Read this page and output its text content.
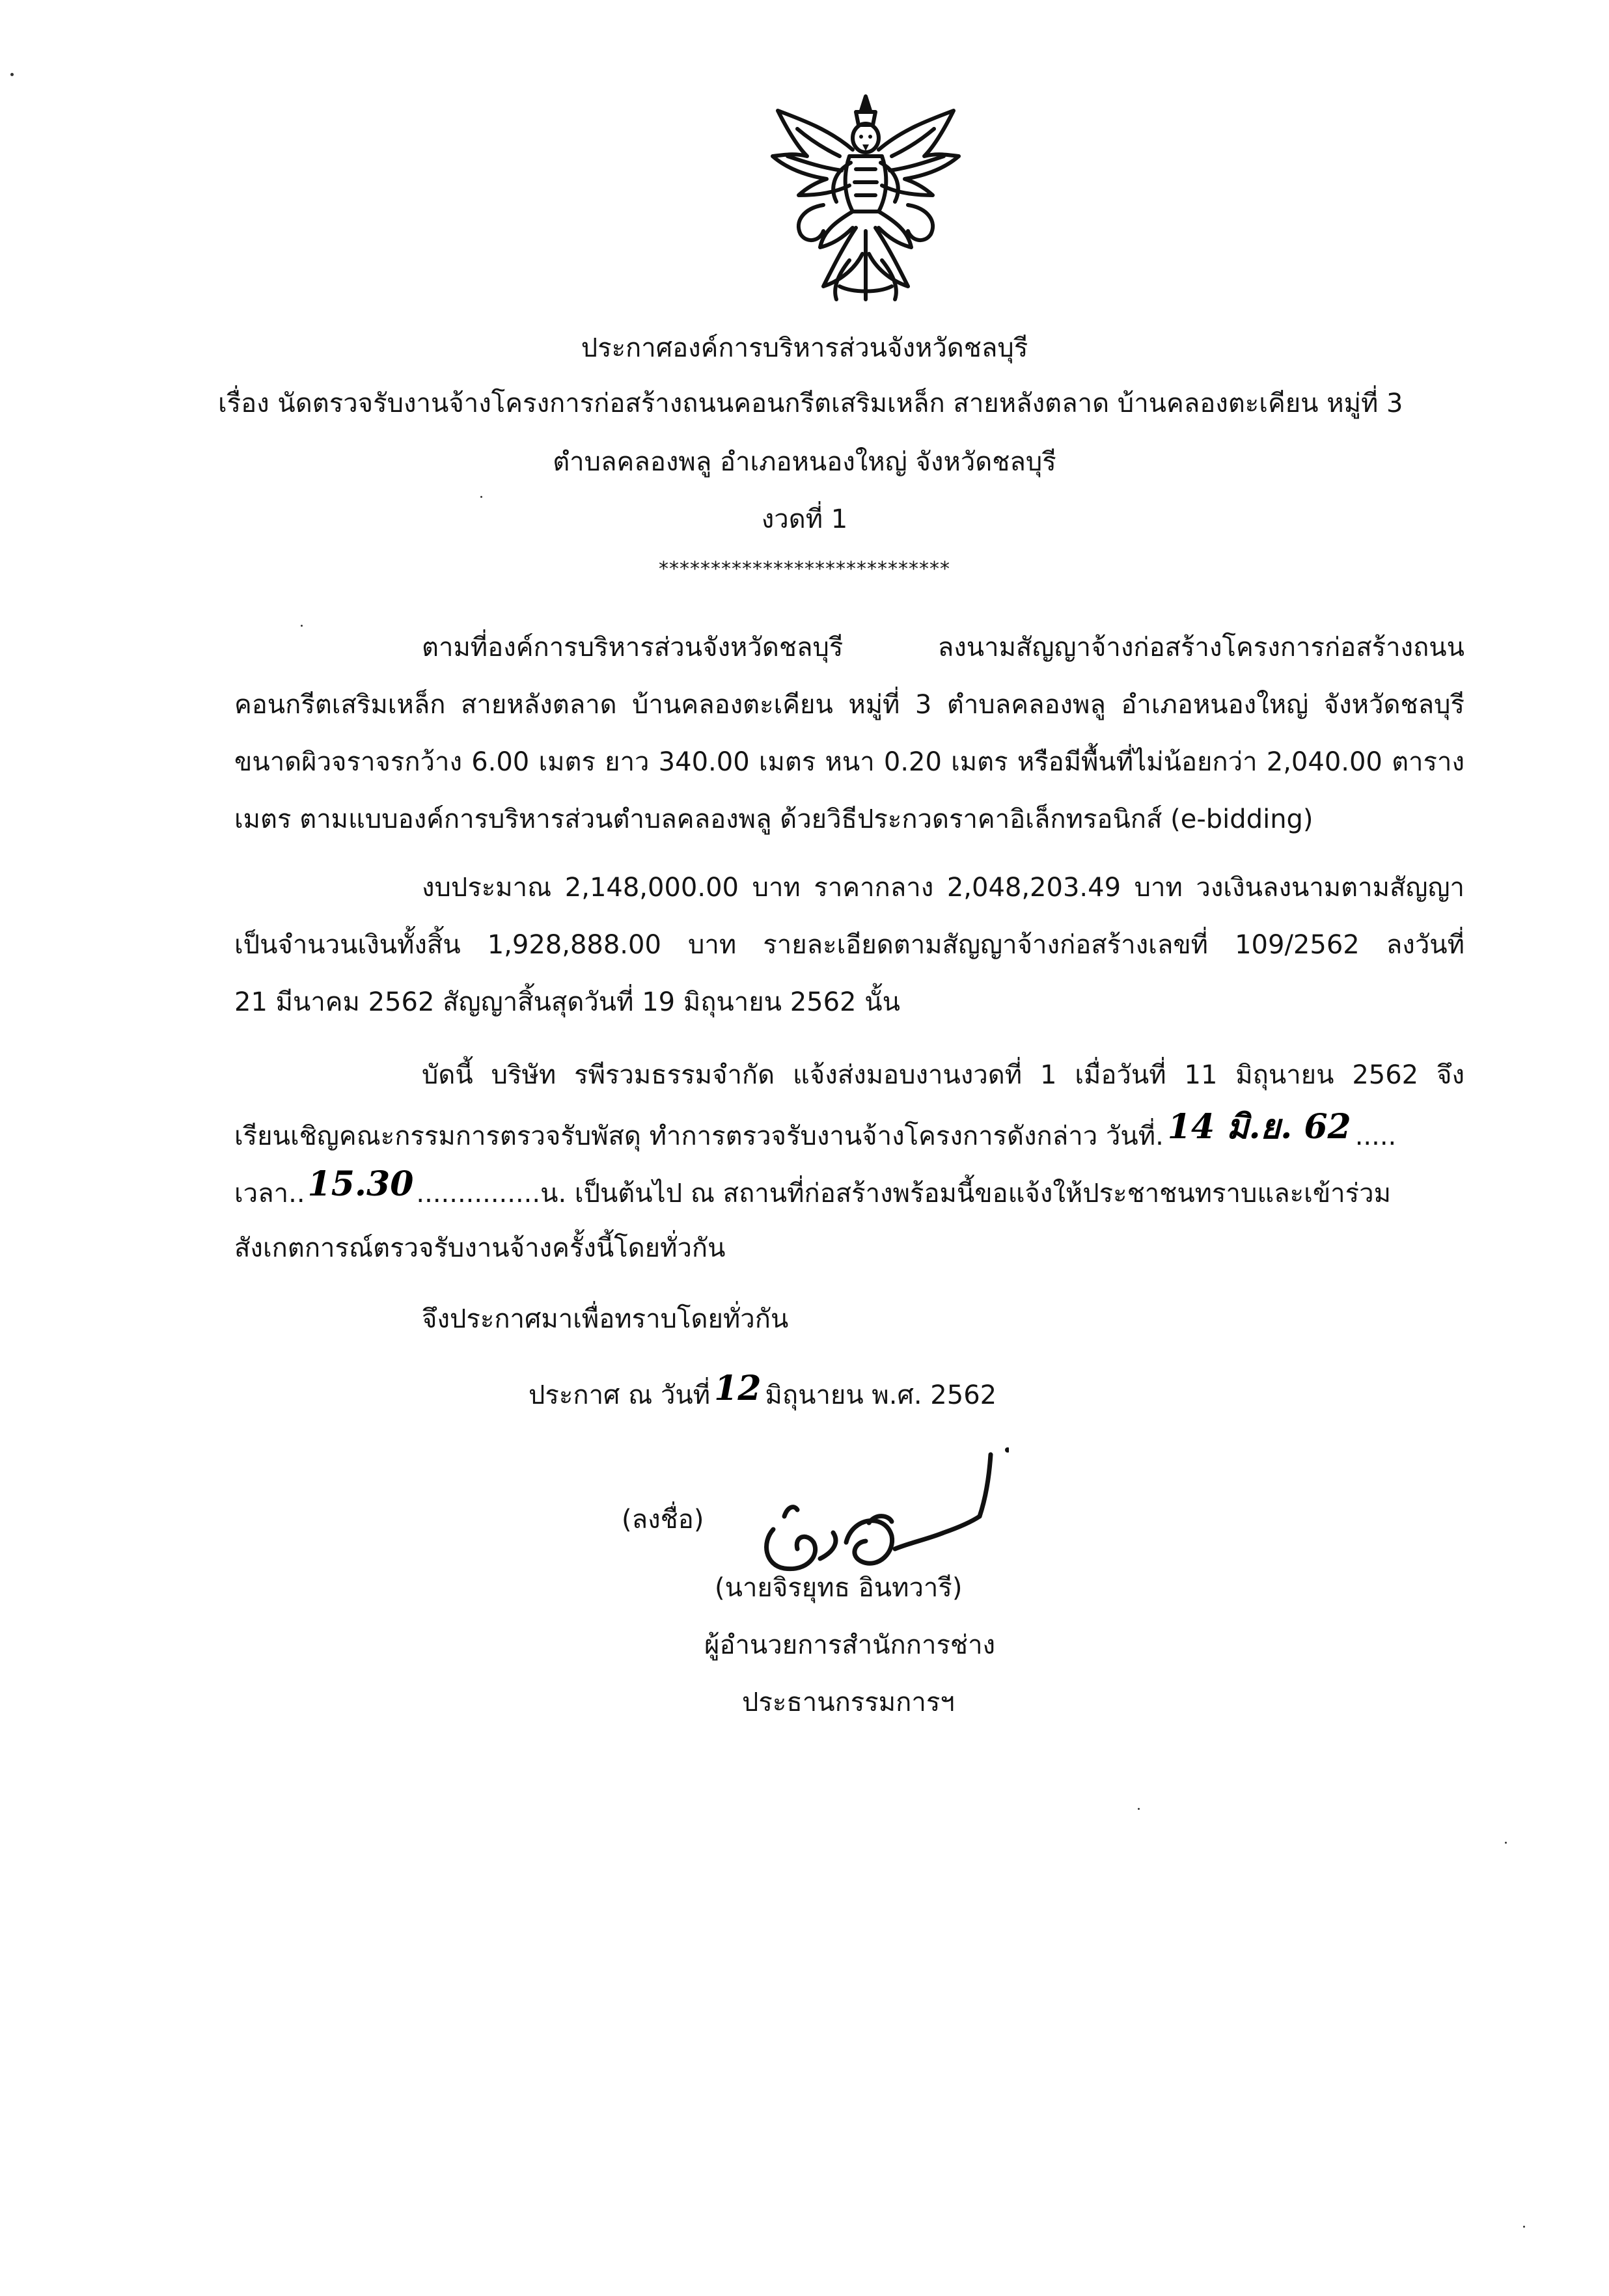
ประกาศองค์การบริหารส่วนจังหวัดชลบุรี
เรื่อง นัดตรวจรับงานจ้างโครงการก่อสร้างถนนคอนกรีตเสริมเหล็ก สายหลังตลาด บ้านคลองตะเคียน หมู่ที่ 3
ตำบลคลองพลู อำเภอหนองใหญ่ จังหวัดชลบุรี
งวดที่ 1
****************************
ตามที่องค์การบริหารส่วนจังหวัดชลบุรี ลงนามสัญญาจ้างก่อสร้างโครงการก่อสร้างถนน
คอนกรีตเสริมเหล็ก สายหลังตลาด บ้านคลองตะเคียน หมู่ที่ 3 ตำบลคลองพลู อำเภอหนองใหญ่ จังหวัดชลบุรี
ขนาดผิวจราจรกว้าง 6.00 เมตร ยาว 340.00 เมตร หนา 0.20 เมตร หรือมีพื้นที่ไม่น้อยกว่า 2,040.00 ตาราง
เมตร ตามแบบองค์การบริหารส่วนตำบลคลองพลู ด้วยวิธีประกวดราคาอิเล็กทรอนิกส์ (e-bidding)
งบประมาณ 2,148,000.00 บาท ราคากลาง 2,048,203.49 บาท วงเงินลงนามตามสัญญา
เป็นจำนวนเงินทั้งสิ้น 1,928,888.00 บาท รายละเอียดตามสัญญาจ้างก่อสร้างเลขที่ 109/2562 ลงวันที่
21 มีนาคม 2562 สัญญาสิ้นสุดวันที่ 19 มิถุนายน 2562 นั้น
บัดนี้ บริษัท รพีรวมธรรมจำกัด แจ้งส่งมอบงานงวดที่ 1 เมื่อวันที่ 11 มิถุนายน 2562 จึง
เรียนเชิญคณะกรรมการตรวจรับพัสดุ ทำการตรวจรับงานจ้างโครงการดังกล่าว วันที่. 14 มิ.ย. 62 .....
เวลา..15.30 ...............น. เป็นต้นไป ณ สถานที่ก่อสร้างพร้อมนี้ขอแจ้งให้ประชาชนทราบและเข้าร่วม
สังเกตการณ์ตรวจรับงานจ้างครั้งนี้โดยทั่วกัน
จึงประกาศมาเพื่อทราบโดยทั่วกัน
ประกาศ ณ วันที่ 12 มิถุนายน พ.ศ. 2562
(ลงชื่อ)
(นายจิรยุทธ อินทวารี)
ผู้อำนวยการสำนักการช่าง
ประธานกรรมการฯ
